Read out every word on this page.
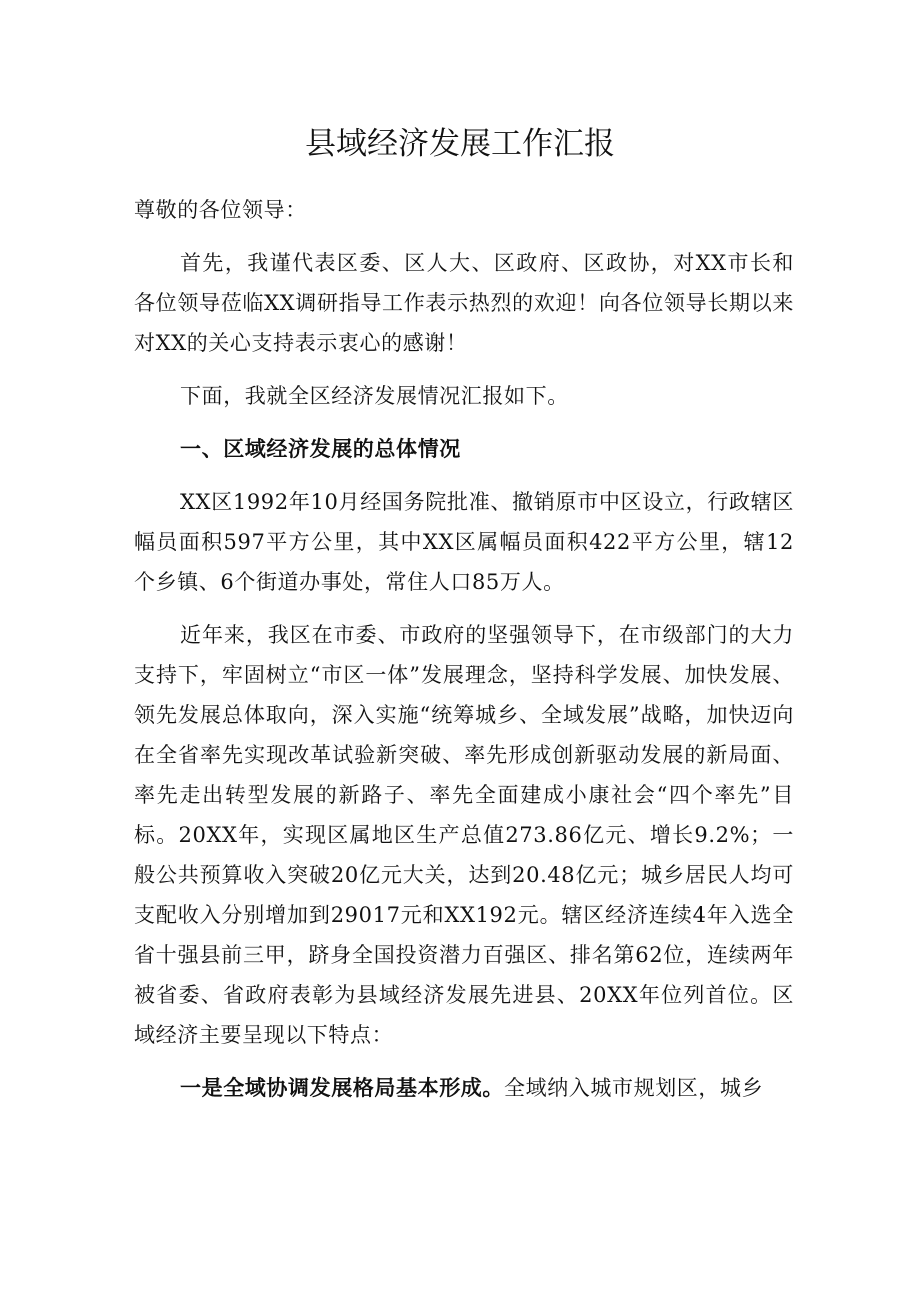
县域经济发展工作汇报

尊敬的各位领导：

首先，我谨代表区委、区人大、区政府、区政协，对XX市长和各位领导莅临XX调研指导工作表示热烈的欢迎！向各位领导长期以来对XX的关心支持表示衷心的感谢！

下面，我就全区经济发展情况汇报如下。

一、区域经济发展的总体情况

XX区1992年10月经国务院批准、撤销原市中区设立，行政辖区幅员面积597平方公里，其中XX区属幅员面积422平方公里，辖12个乡镇、6个街道办事处，常住人口85万人。

近年来，我区在市委、市政府的坚强领导下，在市级部门的大力支持下，牢固树立“市区一体”发展理念，坚持科学发展、加快发展、领先发展总体取向，深入实施“统筹城乡、全域发展”战略，加快迈向在全省率先实现改革试验新突破、率先形成创新驱动发展的新局面、率先走出转型发展的新路子、率先全面建成小康社会“四个率先”目标。20XX年，实现区属地区生产总值273.86亿元、增长9.2%；一般公共预算收入突破20亿元大关，达到20.48亿元；城乡居民人均可支配收入分别增加到29017元和XX192元。辖区经济连续4年入选全省十强县前三甲，跻身全国投资潜力百强区、排名第62位，连续两年被省委、省政府表彰为县域经济发展先进县、20XX年位列首位。区域经济主要呈现以下特点：

一是全域协调发展格局基本形成。全域纳入城市规划区，城乡
